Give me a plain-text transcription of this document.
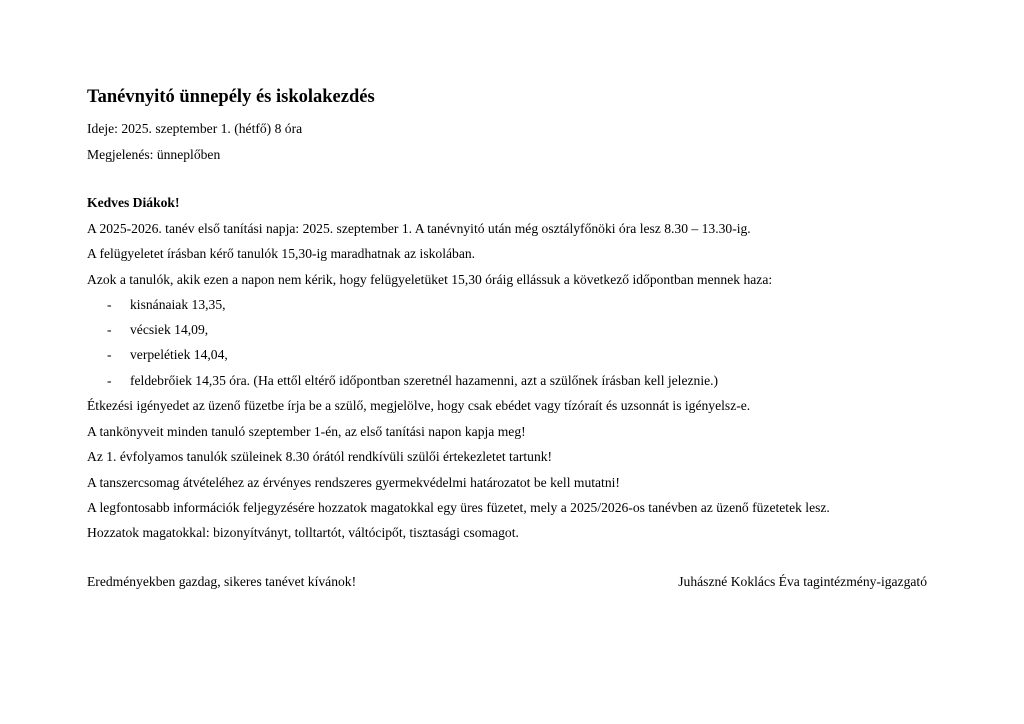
Tanévnyitó ünnepély és iskolakezdés
Ideje: 2025. szeptember 1. (hétfő) 8 óra
Megjelenés: ünneplőben
Kedves Diákok!
A 2025-2026. tanév első tanítási napja: 2025. szeptember 1. A tanévnyitó után még osztályfőnöki óra lesz 8.30 – 13.30-ig.
A felügyeletet írásban kérő tanulók 15,30-ig maradhatnak az iskolában.
Azok a tanulók, akik ezen a napon nem kérik, hogy felügyeletüket 15,30 óráig ellássuk a következő időpontban mennek haza:
- kisnánaiak 13,35,
- vécsiek 14,09,
- verpelétiek 14,04,
- feldebrőiek 14,35 óra. (Ha ettől eltérő időpontban szeretnél hazamenni, azt a szülőnek írásban kell jeleznie.)
Étkezési igényedet az üzenő füzetbe írja be a szülő, megjelölve, hogy csak ebédet vagy tízóraít és uzsonnát is igényelsz-e.
A tankönyveit minden tanuló szeptember 1-én, az első tanítási napon kapja meg!
Az 1. évfolyamos tanulók szüleinek 8.30 órától rendkívüli szülői értekezletet tartunk!
A tanszercsomag átvételéhez az érvényes rendszeres gyermekvédelmi határozatot be kell mutatni!
A legfontosabb információk feljegyzésére hozzatok magatokkal egy üres füzetet, mely a 2025/2026-os tanévben az üzenő füzetetek lesz.
Hozzatok magatokkal: bizonyítványt, tolltartót, váltócipőt, tisztasági csomagot.
Eredményekben gazdag, sikeres tanévet kívánok!	Juhászné Koklács Éva tagintézmény-igazgató
